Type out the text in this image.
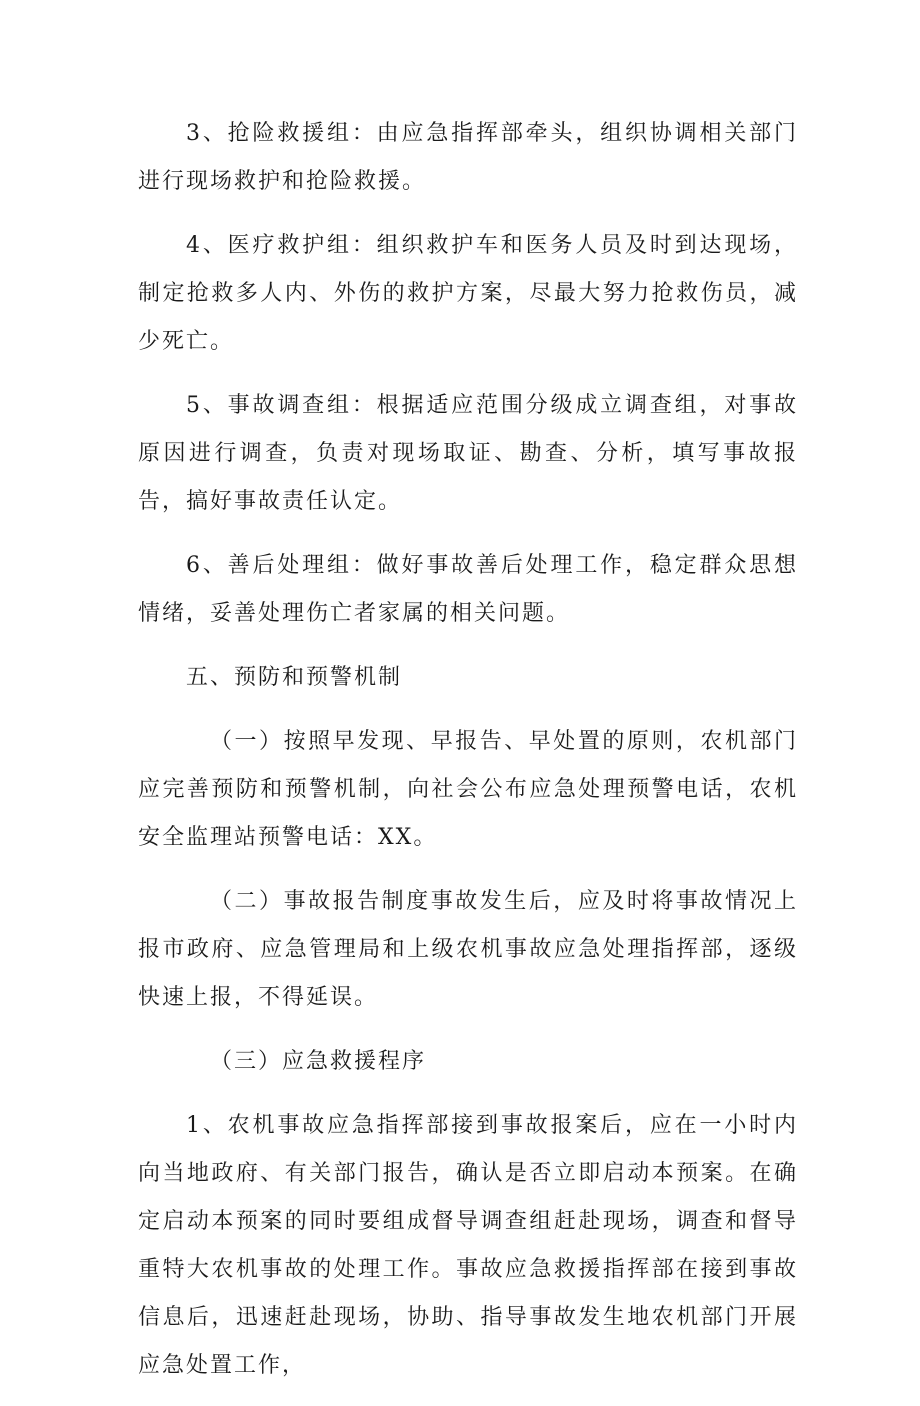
3、抢险救援组：由应急指挥部牵头，组织协调相关部门进行现场救护和抢险救援。

4、医疗救护组：组织救护车和医务人员及时到达现场，制定抢救多人内、外伤的救护方案，尽最大努力抢救伤员，减少死亡。

5、事故调查组：根据适应范围分级成立调查组，对事故原因进行调查，负责对现场取证、勘查、分析，填写事故报告，搞好事故责任认定。

6、善后处理组：做好事故善后处理工作，稳定群众思想情绪，妥善处理伤亡者家属的相关问题。

五、预防和预警机制

（一）按照早发现、早报告、早处置的原则，农机部门应完善预防和预警机制，向社会公布应急处理预警电话，农机安全监理站预警电话：XX。

（二）事故报告制度事故发生后，应及时将事故情况上报市政府、应急管理局和上级农机事故应急处理指挥部，逐级快速上报，不得延误。

（三）应急救援程序

1、农机事故应急指挥部接到事故报案后，应在一小时内向当地政府、有关部门报告，确认是否立即启动本预案。在确定启动本预案的同时要组成督导调查组赶赴现场，调查和督导重特大农机事故的处理工作。事故应急救援指挥部在接到事故信息后，迅速赶赴现场，协助、指导事故发生地农机部门开展应急处置工作，
